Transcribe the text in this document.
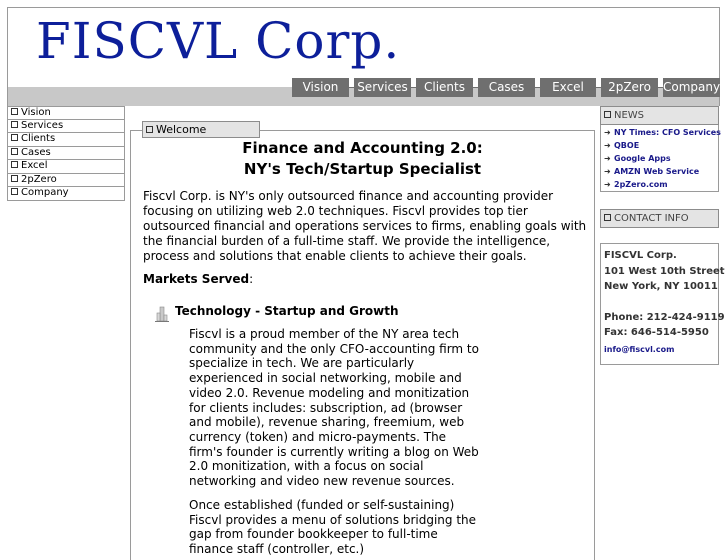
FISCVL Corp.
Vision	Services	Clients	Cases	Excel	2pZero	Company
Vision
Services
Clients
Cases
Excel
2pZero
Company
Welcome
Finance and Accounting 2.0:
NY's Tech/Startup Specialist

Fiscvl Corp. is NY's only outsourced finance and accounting provider focusing on utilizing web 2.0 techniques. Fiscvl provides top tier outsourced financial and operations services to firms, enabling goals with the financial burden of a full-time staff. We provide the intelligence, process and solutions that enable clients to achieve their goals.

Markets Served:
Technology - Startup and Growth

Fiscvl is a proud member of the NY area tech community and the only CFO-accounting firm to specialize in tech. We are particularly experienced in social networking, mobile and video 2.0. Revenue modeling and monitization for clients includes: subscription, ad (browser and mobile), revenue sharing, freemium, web currency (token) and micro-payments. The firm's founder is currently writing a blog on Web 2.0 monitization, with a focus on social networking and video new revenue sources.

Once established (funded or self-sustaining) Fiscvl provides a menu of solutions bridging the gap from founder bookkeeper to full-time finance staff (controller, etc.)

NEWS
➜ NY Times: CFO Services
➜ QBOE
➜ Google Apps
➜ AMZN Web Service
➜ 2pZero.com
CONTACT INFO
FISCVL Corp.
101 West 10th Street
New York, NY 10011
Phone: 212-424-9119
Fax: 646-514-5950
info@fiscvl.com
